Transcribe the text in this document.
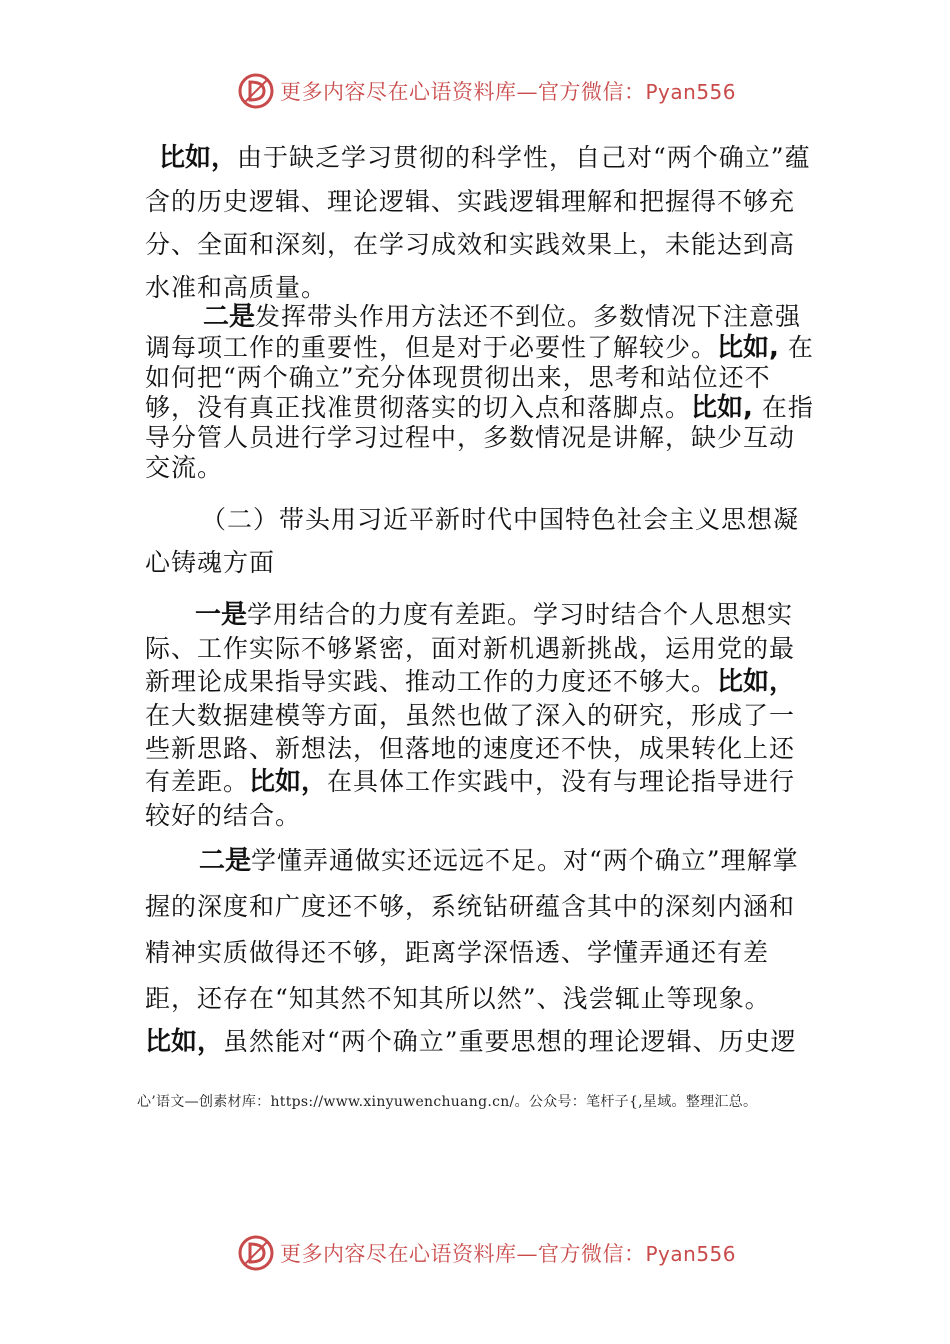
更多内容尽在心语资料库—官方微信：Pyan556
比如，由于缺乏学习贯彻的科学性，自己对“两个确立”蕴含的历史逻辑、理论逻辑、实践逻辑理解和把握得不够充分、全面和深刻，在学习成效和实践效果上，未能达到高水准和高质量。
二是发挥带头作用方法还不到位。多数情况下注意强调每项工作的重要性，但是对于必要性了解较少。比如, 在如何把“两个确立”充分体现贯彻出来，思考和站位还不够，没有真正找准贯彻落实的切入点和落脚点。比如, 在指导分管人员进行学习过程中，多数情况是讲解，缺少互动交流。
（二）带头用习近平新时代中国特色社会主义思想凝心铸魂方面
一是学用结合的力度有差距。学习时结合个人思想实际、工作实际不够紧密，面对新机遇新挑战，运用党的最新理论成果指导实践、推动工作的力度还不够大。比如，在大数据建模等方面，虽然也做了深入的研究，形成了一些新思路、新想法，但落地的速度还不快，成果转化上还有差距。比如，在具体工作实践中，没有与理论指导进行较好的结合。
二是学懂弄通做实还远远不足。对“两个确立”理解掌握的深度和广度还不够，系统钻研蕴含其中的深刻内涵和精神实质做得还不够，距离学深悟透、学懂弄通还有差距，还存在“知其然不知其所以然”、浅尝辄止等现象。
比如，虽然能对“两个确立”重要思想的理论逻辑、历史逻
心’语文—创素材库：https://www.xinyuwenchuang.cn/。公众号：笔杆子{,星域。整理汇总。
更多内容尽在心语资料库—官方微信：Pyan556
